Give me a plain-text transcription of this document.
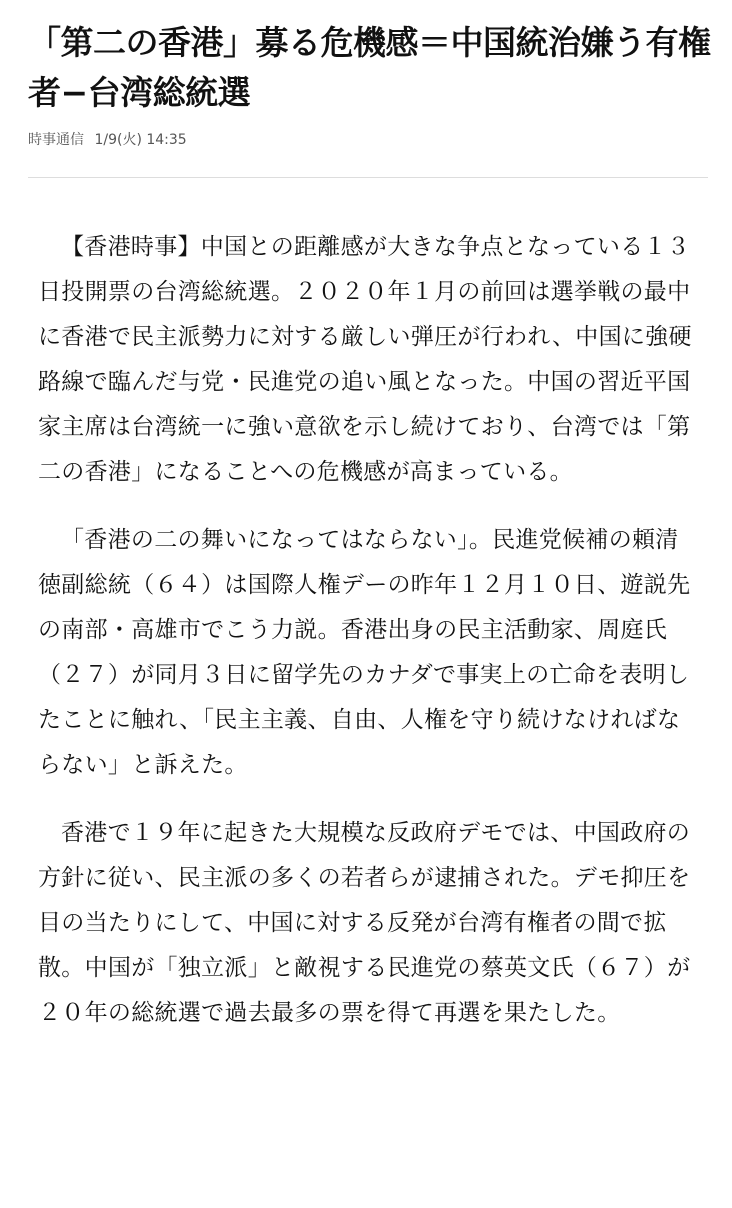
「第二の香港」募る危機感＝中国統治嫌う有権者−台湾総統選
時事通信 1/9(火) 14:35

【香港時事】中国との距離感が大きな争点となっている１３日投開票の台湾総統選。２０２０年１月の前回は選挙戦の最中に香港で民主派勢力に対する厳しい弾圧が行われ、中国に強硬路線で臨んだ与党・民進党の追い風となった。中国の習近平国家主席は台湾統一に強い意欲を示し続けており、台湾では「第二の香港」になることへの危機感が高まっている。

「香港の二の舞いになってはならない」。民進党候補の頼清徳副総統（６４）は国際人権デーの昨年１２月１０日、遊説先の南部・高雄市でこう力説。香港出身の民主活動家、周庭氏（２７）が同月３日に留学先のカナダで事実上の亡命を表明したことに触れ、「民主主義、自由、人権を守り続けなければならない」と訴えた。

香港で１９年に起きた大規模な反政府デモでは、中国政府の方針に従い、民主派の多くの若者らが逮捕された。デモ抑圧を目の当たりにして、中国に対する反発が台湾有権者の間で拡散。中国が「独立派」と敵視する民進党の蔡英文氏（６７）が２０年の総統選で過去最多の票を得て再選を果たした。
